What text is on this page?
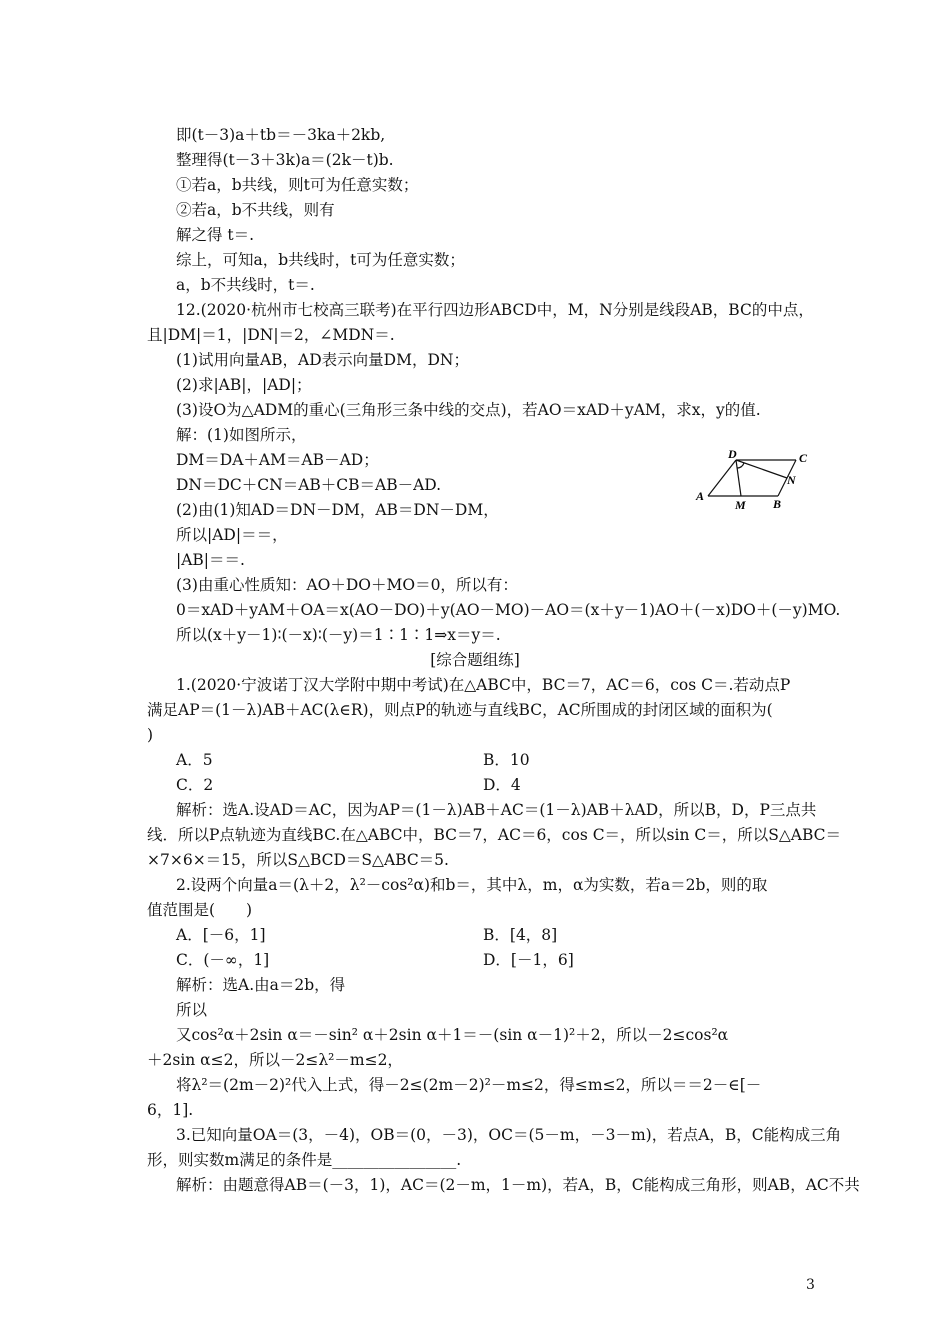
即(t－3)a＋tb＝－3ka＋2kb,
整理得(t－3＋3k)a＝(2k－t)b.
①若a，b共线，则t可为任意实数；
②若a，b不共线，则有
解之得 t＝.
综上，可知a，b共线时，t可为任意实数；
a，b不共线时，t＝.
12.(2020·杭州市七校高三联考)在平行四边形ABCD中，M，N分别是线段AB，BC的中点，
且|DM|＝1，|DN|＝2，∠MDN＝.
(1)试用向量AB，AD表示向量DM，DN；
(2)求|AB|，|AD|；
(3)设O为△ADM的重心(三角形三条中线的交点)，若AO＝xAD＋yAM，求x，y的值.
解：(1)如图所示，
DM＝DA＋AM＝AB－AD；
DN＝DC＋CN＝AB＋CB＝AB－AD.
(2)由(1)知AD＝DN－DM，AB＝DN－DM，
所以|AD|＝＝，
|AB|＝＝.
(3)由重心性质知：AO＋DO＋MO＝0，所以有：
0＝xAD＋yAM＋OA＝x(AO－DO)＋y(AO－MO)－AO＝(x＋y－1)AO＋(－x)DO＋(－y)MO.
所以(x＋y－1)∶(－x)∶(－y)＝1∶1∶1⇒x＝y＝.
[综合题组练]
1.(2020·宁波诺丁汉大学附中期中考试)在△ABC中，BC＝7，AC＝6，cos C＝.若动点P
满足AP＝(1－λ)AB＋AC(λ∈R)，则点P的轨迹与直线BC，AC所围成的封闭区域的面积为(
)
A．5	B．10
C．2	D．4
解析：选A.设AD＝AC，因为AP＝(1－λ)AB＋AC＝(1－λ)AB＋λAD，所以B，D，P三点共
线．所以P点轨迹为直线BC.在△ABC中，BC＝7，AC＝6，cos C＝，所以sin C＝，所以S△ABC＝
×7×6×＝15，所以S△BCD＝S△ABC＝5.
2.设两个向量a＝(λ＋2，λ²－cos²α)和b＝，其中λ，m，α为实数，若a＝2b，则的取
值范围是(　　)
A．[－6，1]	B．[4，8]
C．(－∞，1]	D．[－1，6]
解析：选A.由a＝2b，得
所以
又cos²α＋2sin α＝－sin² α＋2sin α＋1＝－(sin α－1)²＋2，所以－2≤cos²α
＋2sin α≤2，所以－2≤λ²－m≤2，
将λ²＝(2m－2)²代入上式，得－2≤(2m－2)²－m≤2，得≤m≤2，所以＝＝2－∈[－
6，1].
3.已知向量OA＝(3，－4)，OB＝(0，－3)，OC＝(5－m，－3－m)，若点A，B，C能构成三角
形，则实数m满足的条件是________________.
解析：由题意得AB＝(－3，1)，AC＝(2－m，1－m)，若A，B，C能构成三角形，则AB，AC不共
D	C
N
A
M B
3
